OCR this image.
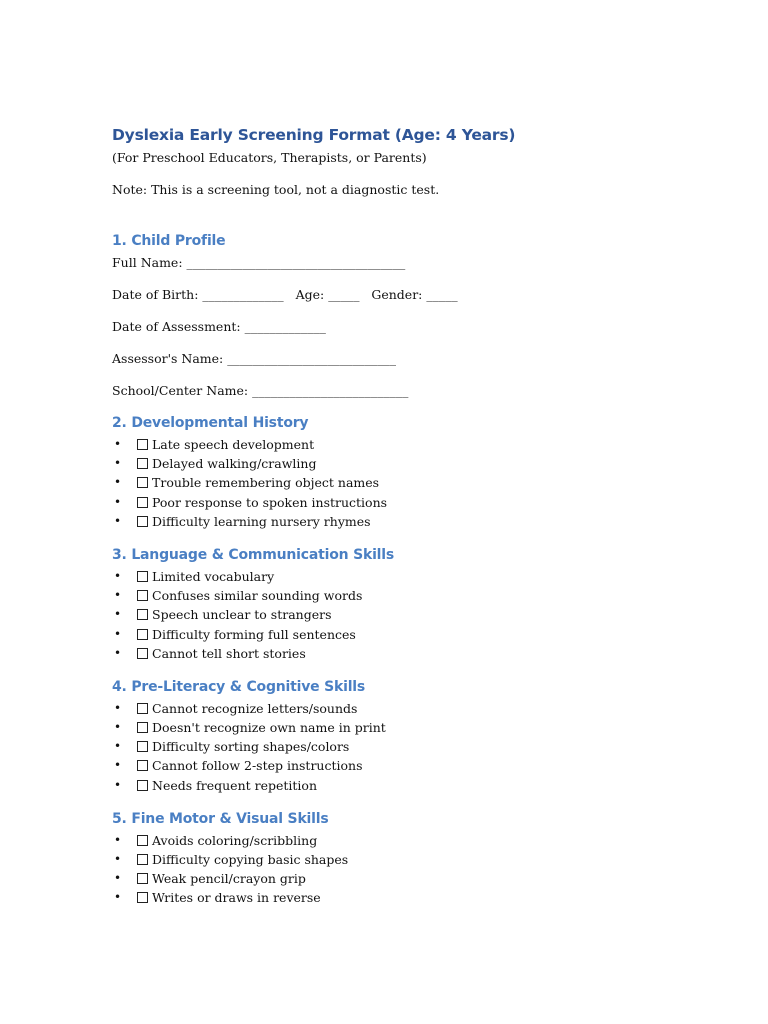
Dyslexia Early Screening Format (Age: 4 Years)

(For Preschool Educators, Therapists, or Parents)

Note: This is a screening tool, not a diagnostic test.

1. Child Profile

Full Name: ___________________________________

Date of Birth: _____________   Age: _____   Gender: _____

Date of Assessment: _____________

Assessor's Name: ___________________________

School/Center Name: _________________________

2. Developmental History
• Late speech development
• Delayed walking/crawling
• Trouble remembering object names
• Poor response to spoken instructions
• Difficulty learning nursery rhymes
3. Language & Communication Skills
• Limited vocabulary
• Confuses similar sounding words
• Speech unclear to strangers
• Difficulty forming full sentences
• Cannot tell short stories
4. Pre-Literacy & Cognitive Skills
• Cannot recognize letters/sounds
• Doesn't recognize own name in print
• Difficulty sorting shapes/colors
• Cannot follow 2-step instructions
• Needs frequent repetition
5. Fine Motor & Visual Skills
• Avoids coloring/scribbling
• Difficulty copying basic shapes
• Weak pencil/crayon grip
• Writes or draws in reverse
